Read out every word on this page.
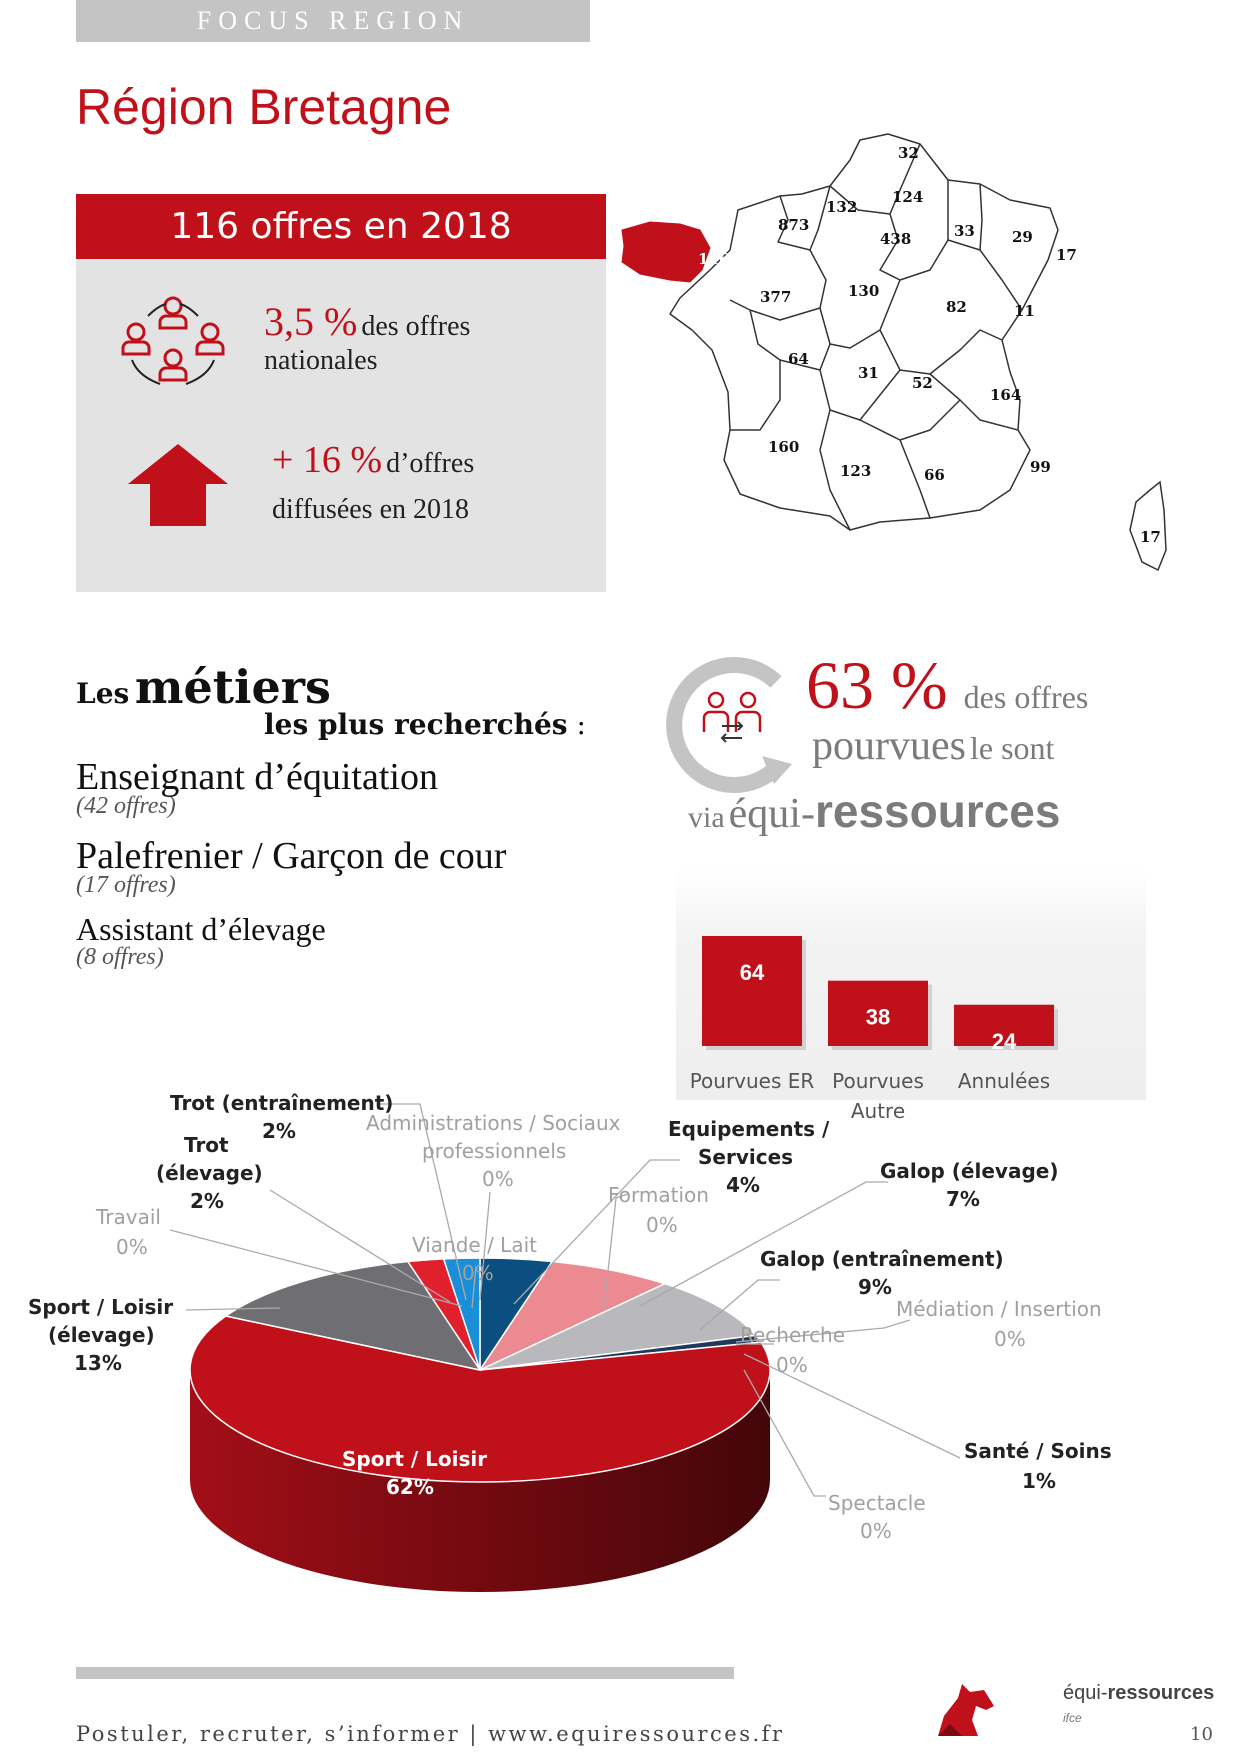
FOCUS REGION
Région Bretagne
116 offres en 2018
3,5 % des offres
nationales
+ 16 % d’offres
diffusées en 2018
32
124
132
873
438	33 29
17
116
130
377
82	11
64
31
52
164
160
123	66	99
17
Les métiers
les plus recherchés :
Enseignant d’équitation
(42 offres)
Palefrenier / Garçon de cour
(17 offres)
Assistant d’élevage
(8 offres)
63 % des offres
pourvues le sont
via équi-ressources
64
Pourvues ER
38
Pourvues
Autre
24
Annulées
Trot (entraînement)
2%	Administrations / Sociaux
professionnels
0%
Equipements /
Services
4%
Trot
(élevage)
2%
Galop (élevage)
7%
Formation
0%
Travail
0%	Viande / Lait
0%
Galop (entraînement)
9%
Sport / Loisir
(élevage)
13%
Médiation / Insertion
0%
Recherche
0%
Sport / Loisir
62%
Santé / Soins
1%
Spectacle
0%
Postuler, recruter, s’informer | www.equiressources.fr
équi-ressources
ifce
10
